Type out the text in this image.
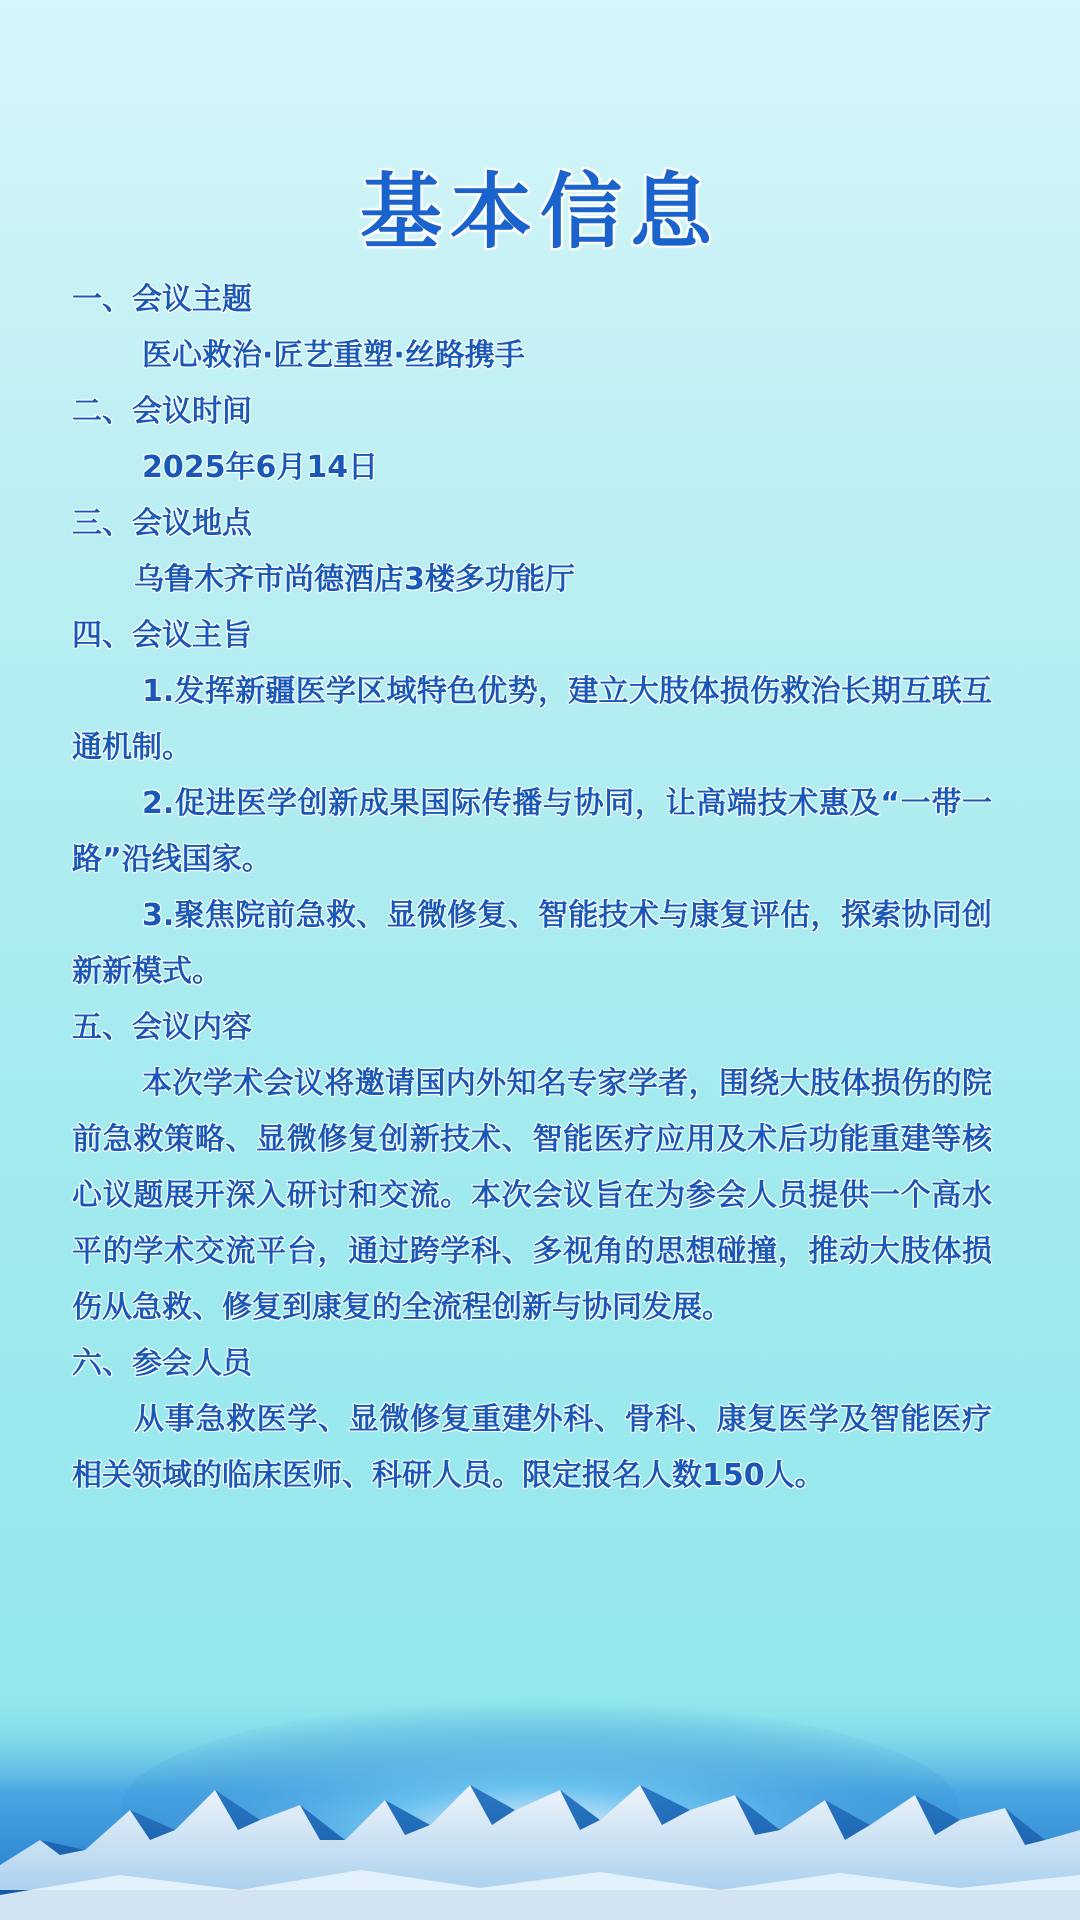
基本信息

一、会议主题

医心救治·匠艺重塑·丝路携手

二、会议时间

2025年6月14日

三、会议地点

乌鲁木齐市尚德酒店3楼多功能厅

四、会议主旨

1.发挥新疆医学区域特色优势，建立大肢体损伤救治长期互联互通机制。

2.促进医学创新成果国际传播与协同，让高端技术惠及“一带一路”沿线国家。

3.聚焦院前急救、显微修复、智能技术与康复评估，探索协同创新新模式。

五、会议内容

本次学术会议将邀请国内外知名专家学者，围绕大肢体损伤的院前急救策略、显微修复创新技术、智能医疗应用及术后功能重建等核心议题展开深入研讨和交流。本次会议旨在为参会人员提供一个高水平的学术交流平台，通过跨学科、多视角的思想碰撞，推动大肢体损伤从急救、修复到康复的全流程创新与协同发展。

六、参会人员

从事急救医学、显微修复重建外科、骨科、康复医学及智能医疗相关领域的临床医师、科研人员。限定报名人数150人。
